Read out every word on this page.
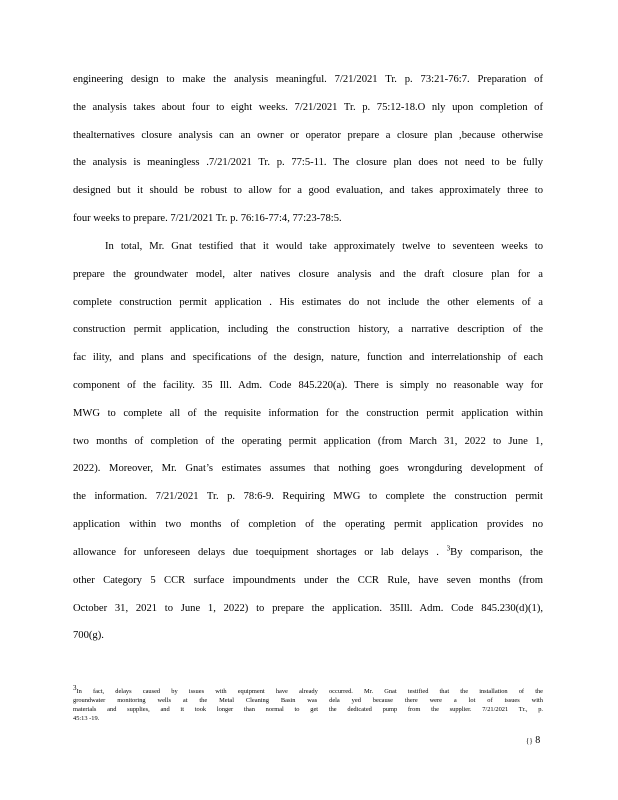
engineering design to make the analysis meaningful. 7/21/2021 Tr. p. 73:21-76:7. Preparation of
the analysis takes about four to eight weeks. 7/21/2021 Tr. p. 75:12-18.O nly upon completion of
thealternatives closure analysis can an owner or operator prepare a closure plan ,because otherwise
the analysis is meaningless .7/21/2021 Tr. p. 77:5-11. The closure plan does not need to be fully
designed but it should be robust to allow for a good evaluation, and takes approximately three to
four weeks to prepare. 7/21/2021 Tr. p. 76:16-77:4, 77:23-78:5.
In total, Mr. Gnat testified that it would take approximately twelve to seventeen weeks to
prepare the groundwater model, alter natives closure analysis and the draft closure plan for a
complete construction permit application . His estimates do not include the other elements of a
construction permit application, including the construction history, a narrative description of the
fac ility, and plans and specifications of the design, nature, function and interrelationship of each
component of the facility. 35 Ill. Adm. Code 845.220(a). There is simply no reasonable way for
MWG to complete all of the requisite information for the construction permit application within
two months of completion of the operating permit application (from March 31, 2022 to June 1,
2022). Moreover, Mr. Gnat’s estimates assumes that nothing goes wrongduring development of
the information. 7/21/2021 Tr. p. 78:6-9. Requiring MWG to complete the construction permit
application within two months of completion of the operating permit application provides no
allowance for unforeseen delays due toequipment shortages or lab delays . $^3$By comparison, the
other Category 5 CCR surface impoundments under the CCR Rule, have seven months (from
October 31, 2021 to June 1, 2022) to prepare the application. 35Ill. Adm. Code 845.230(d)(1),
700(g).
$^3$In fact, delays caused by issues with equipment have already occurred. Mr. Gnat testified that the installation of the
groundwater monitoring wells at the Metal Cleaning Basin was dela yed because there were a lot of issues with
materials and supplies, and it took longer than normal to get the dedicated pump from the supplier. 7/21/2021 Tr., p.
45:13 -19.
{} 8
